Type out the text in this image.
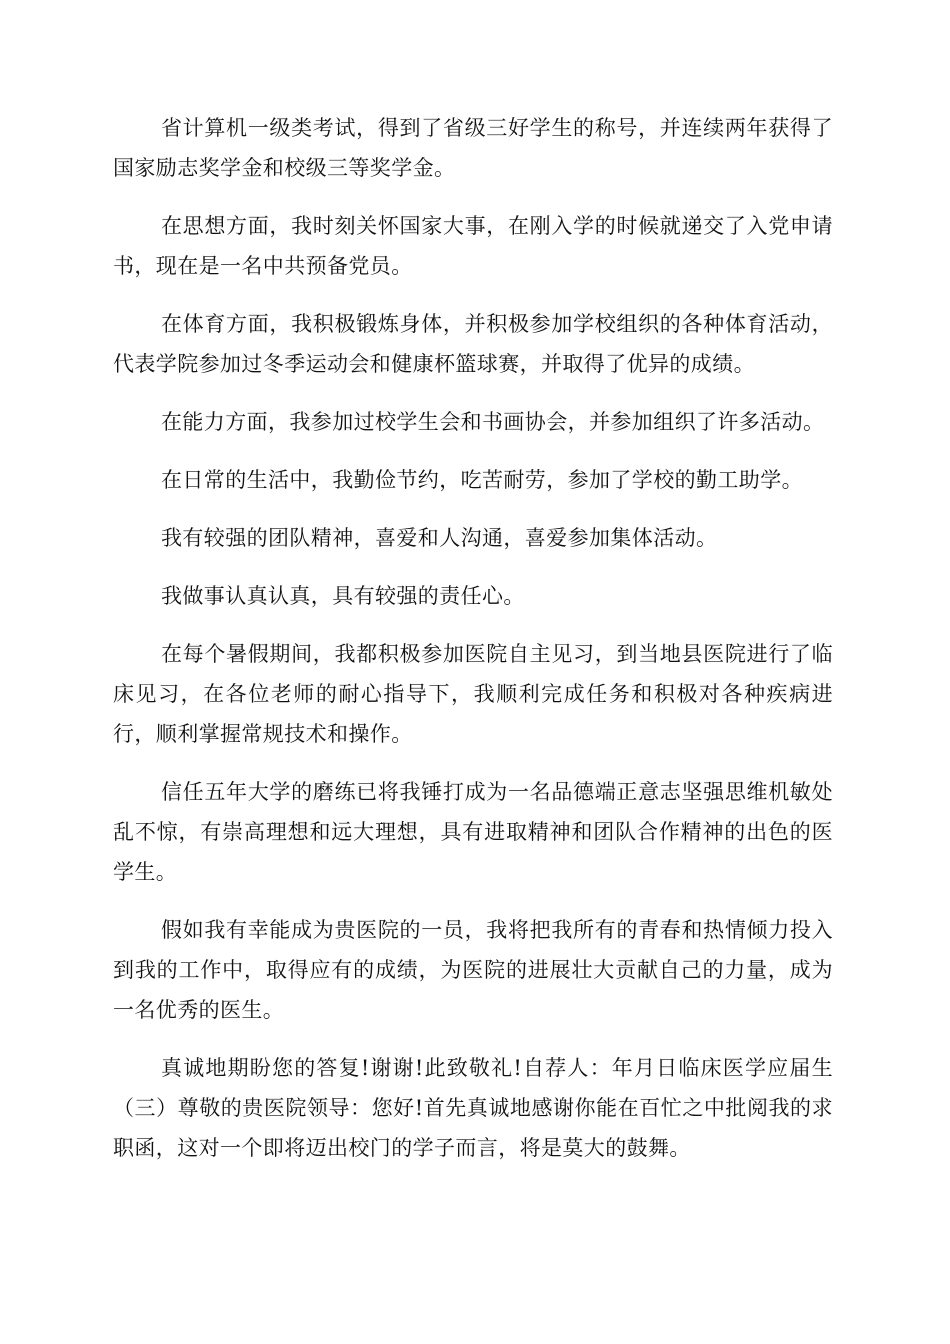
省计算机一级类考试，得到了省级三好学生的称号，并连续两年获得了国家励志奖学金和校级三等奖学金。

在思想方面，我时刻关怀国家大事，在刚入学的时候就递交了入党申请书，现在是一名中共预备党员。

在体育方面，我积极锻炼身体，并积极参加学校组织的各种体育活动，代表学院参加过冬季运动会和健康杯篮球赛，并取得了优异的成绩。

在能力方面，我参加过校学生会和书画协会，并参加组织了许多活动。

在日常的生活中，我勤俭节约，吃苦耐劳，参加了学校的勤工助学。

我有较强的团队精神，喜爱和人沟通，喜爱参加集体活动。

我做事认真认真，具有较强的责任心。

在每个暑假期间，我都积极参加医院自主见习，到当地县医院进行了临床见习，在各位老师的耐心指导下，我顺利完成任务和积极对各种疾病进行，顺利掌握常规技术和操作。

信任五年大学的磨练已将我锤打成为一名品德端正意志坚强思维机敏处乱不惊，有崇高理想和远大理想，具有进取精神和团队合作精神的出色的医学生。

假如我有幸能成为贵医院的一员，我将把我所有的青春和热情倾力投入到我的工作中，取得应有的成绩，为医院的进展壮大贡献自己的力量，成为一名优秀的医生。

真诚地期盼您的答复!谢谢!此致敬礼!自荐人：年月日临床医学应届生（三）尊敬的贵医院领导：您好!首先真诚地感谢你能在百忙之中批阅我的求职函，这对一个即将迈出校门的学子而言，将是莫大的鼓舞。
